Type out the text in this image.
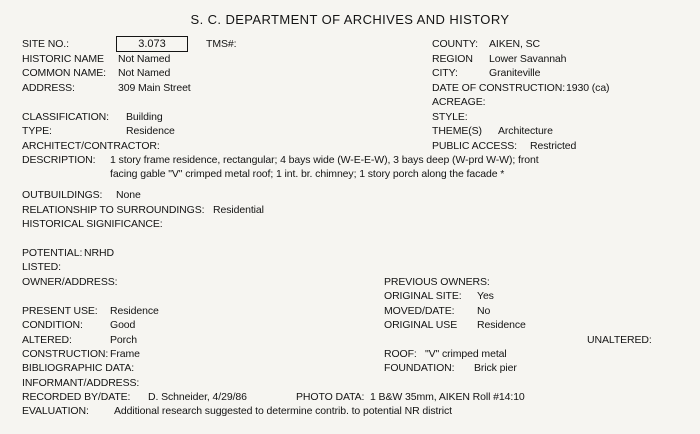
S. C. DEPARTMENT OF ARCHIVES AND HISTORY
SITE NO.:	3.073	TMS#:
HISTORIC NAME Not Named
COMMON NAME: Not Named
ADDRESS:	309 Main Street
CLASSIFICATION: Building
TYPE:	Residence
ARCHITECT/CONTRACTOR:
DESCRIPTION: 1 story frame residence, rectangular; 4 bays wide (W-E-E-W), 3 bays deep (W-prd W-W); front
facing gable "V" crimped metal roof; 1 int. br. chimney; 1 story porch along the facade *
OUTBUILDINGS: None
RELATIONSHIP TO SURROUNDINGS: Residential
HISTORICAL SIGNIFICANCE:
POTENTIAL: NRHD
LISTED:
OWNER/ADDRESS:
PRESENT USE: Residence
CONDITION:	Good
ALTERED:	Porch
CONSTRUCTION: Frame
BIBLIOGRAPHIC DATA:
INFORMANT/ADDRESS:
RECORDED BY/DATE: D. Schneider, 4/29/86	PHOTO DATA: 1 B&W 35mm, AIKEN Roll #14:10
EVALUATION: Additional research suggested to determine contrib. to potential NR district
COUNTY: AIKEN, SC
REGION Lower Savannah
CITY:	Graniteville
DATE OF CONSTRUCTION: 1930 (ca)
ACREAGE:
STYLE:
THEME(S) Architecture
PUBLIC ACCESS: Restricted
PREVIOUS OWNERS:
ORIGINAL SITE: Yes
MOVED/DATE: No
ORIGINAL USE Residence
UNALTERED:
ROOF: "V" crimped metal
FOUNDATION: Brick pier
